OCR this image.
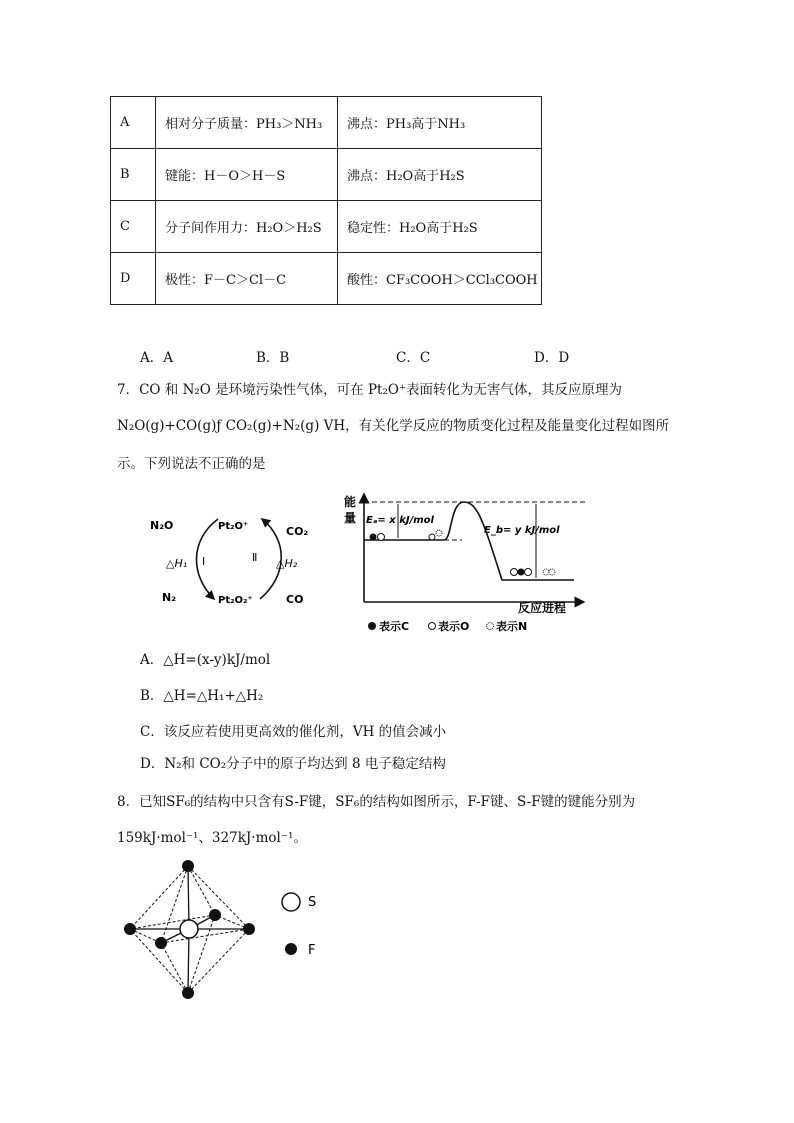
A	相对分子质量：PH₃＞NH₃	沸点：PH₃高于NH₃
B	键能：H－O＞H－S	沸点：H₂O高于H₂S
C	分子间作用力：H₂O＞H₂S	稳定性：H₂O高于H₂S
D	极性：F－C＞Cl－C	酸性：CF₃COOH＞CCl₃COOH
A．A	B．B	C．C	D．D
7．CO 和 N₂O 是环境污染性气体，可在 Pt₂O⁺表面转化为无害气体，其反应原理为
N₂O(g)+CO(g)ƒ CO₂(g)+N₂(g) VH，有关化学反应的物质变化过程及能量变化过程如图所
示。下列说法不正确的是
N₂O
N₂
Pt₂O⁺
Pt₂O₂⁺
CO₂
CO
△H₁	△H₂
Ⅰ	Ⅱ
能
量 Eₐ= x kJ/mol
E_b= y kJ/mol
反应进程
表示C	表示O 表示N
A．△H=(x-y)kJ/mol
B．△H=△H₁+△H₂
C．该反应若使用更高效的催化剂，VH 的值会减小
D．N₂和 CO₂分子中的原子均达到 8 电子稳定结构
8．已知SF₆的结构中只含有S-F键，SF₆的结构如图所示，F-F键、S-F键的键能分别为
159kJ·mol⁻¹、327kJ·mol⁻¹。
S
F
